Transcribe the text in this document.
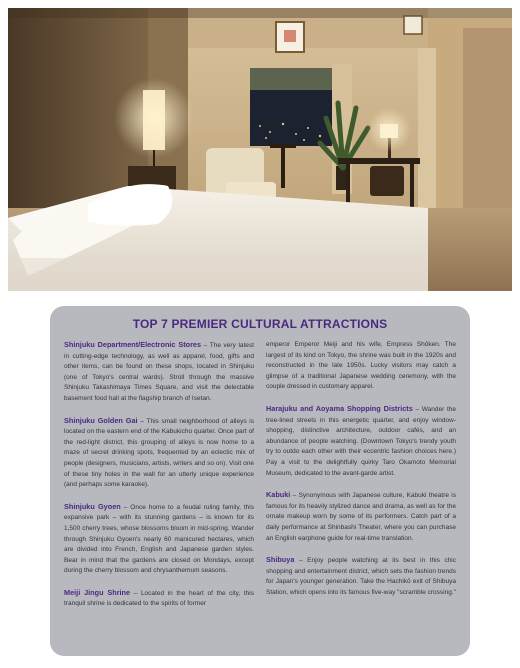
TOP 7 PREMIER CULTURAL ATTRACTIONS

Shinjuku Department/Electronic Stores – The very latest in cutting-edge technology, as well as apparel, food, gifts and other items, can be found on these shops, located in Shinjuku (one of Tokyo's central wards). Stroll through the massive Shinjuku Takashimaya Times Square, and visit the delectable basement food hall at the flagship branch of Isetan.

Shinjuku Golden Gai – This small neighborhood of alleys is located on the eastern end of the Kabukicho quarter. Once part of the red-light district, this grouping of alleys is now home to a maze of secret drinking spots, frequented by an eclectic mix of people (designers, musicians, artists, writers and so on). Visit one of these tiny holes in the wall for an utterly unique experience (and perhaps some karaoke).

Shinjuku Gyoen – Once home to a feudal ruling family, this expansive park – with its stunning gardens – is known for its 1,500 cherry trees, whose blossoms bloom in mid-spring. Wander through Shinjuku Gyoen's nearly 60 manicured hectares, which are divided into French, English and Japanese garden styles. Bear in mind that the gardens are closed on Mondays, except during the cherry blossom and chrysanthemum seasons.

Meiji Jingu Shrine – Located in the heart of the city, this tranquil shrine is dedicated to the spirits of former

emperor Emperor Meiji and his wife, Empress Shōken. The largest of its kind on Tokyo, the shrine was built in the 1920s and reconstructed in the late 1950s. Lucky visitors may catch a glimpse of a traditional Japanese wedding ceremony, with the couple dressed in customary apparel.

Harajuku and Aoyama Shopping Districts – Wander the tree-lined streets in this energetic quarter, and enjoy window-shopping, distinctive architecture, outdoor cafés, and an abundance of people watching. (Downtown Tokyo's trendy youth try to outdo each other with their eccentric fashion choices here.) Pay a visit to the delightfully quirky Taro Okamoto Memorial Museum, dedicated to the avant-garde artist.

Kabuki – Synonymous with Japanese culture, Kabuki theatre is famous for its heavily stylized dance and drama, as well as for the ornate makeup worn by some of its performers. Catch part of a daily performance at Shinbashi Theater, where you can purchase an English earphone guide for real-time translation.

Shibuya – Enjoy people watching at its best in this chic shopping and entertainment district, which sets the fashion trends for Japan's younger generation. Take the Hachikō exit of Shibuya Station, which opens into its famous five-way "scramble crossing."
